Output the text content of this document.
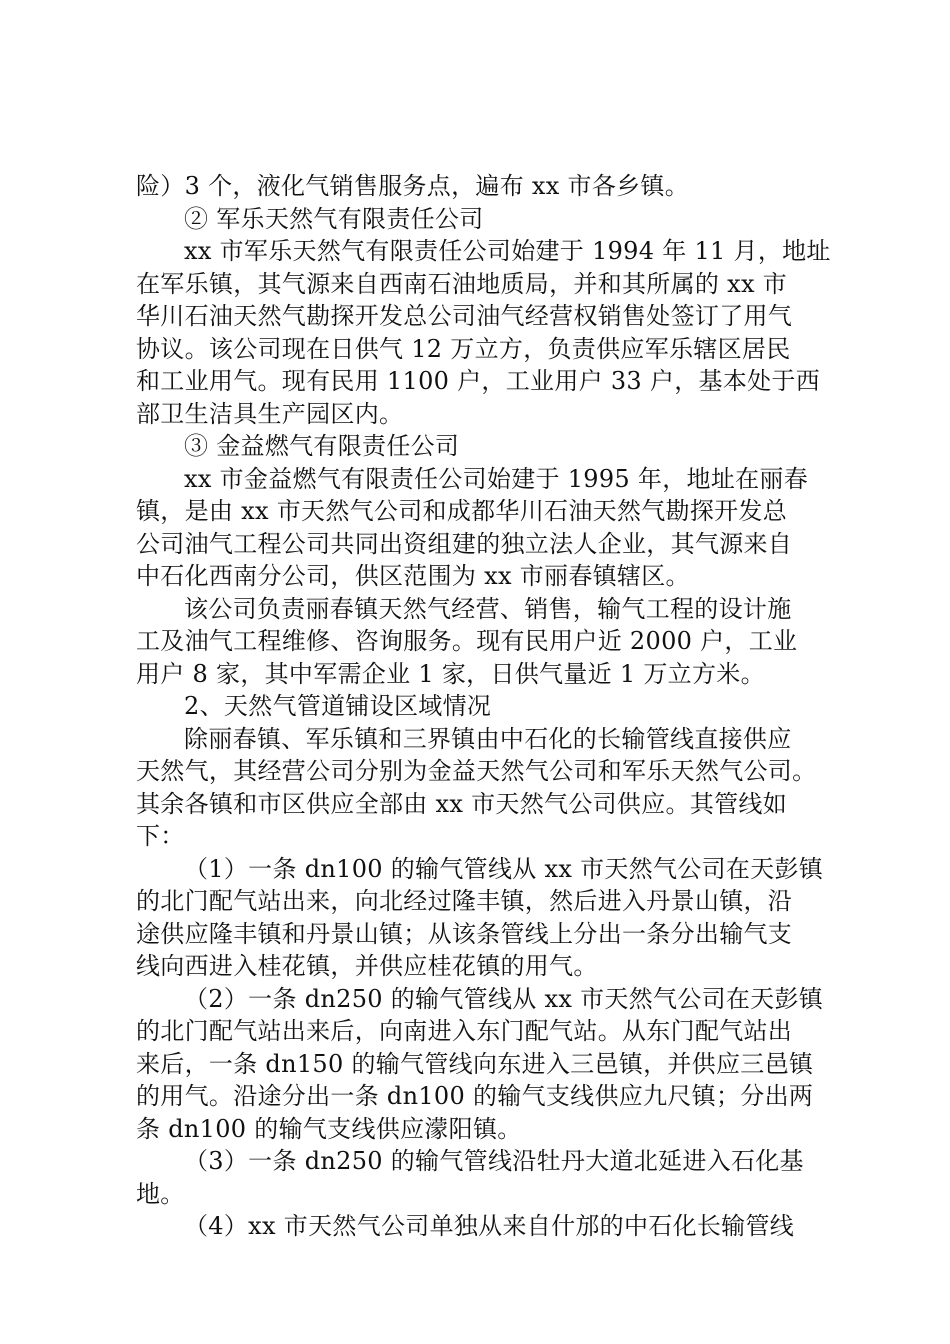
险）3 个，液化气销售服务点，遍布 xx 市各乡镇。
② 军乐天然气有限责任公司
xx 市军乐天然气有限责任公司始建于 1994 年 11 月，地址
在军乐镇，其气源来自西南石油地质局，并和其所属的 xx 市
华川石油天然气勘探开发总公司油气经营权销售处签订了用气
协议。该公司现在日供气 12 万立方，负责供应军乐辖区居民
和工业用气。现有民用 1100 户，工业用户 33 户，基本处于西
部卫生洁具生产园区内。
③ 金益燃气有限责任公司
xx 市金益燃气有限责任公司始建于 1995 年，地址在丽春
镇，是由 xx 市天然气公司和成都华川石油天然气勘探开发总
公司油气工程公司共同出资组建的独立法人企业，其气源来自
中石化西南分公司，供区范围为 xx 市丽春镇辖区。
该公司负责丽春镇天然气经营、销售，输气工程的设计施
工及油气工程维修、咨询服务。现有民用户近 2000 户，工业
用户 8 家，其中军需企业 1 家，日供气量近 1 万立方米。
2、天然气管道铺设区域情况
除丽春镇、军乐镇和三界镇由中石化的长输管线直接供应
天然气，其经营公司分别为金益天然气公司和军乐天然气公司。
其余各镇和市区供应全部由 xx 市天然气公司供应。其管线如
下：
（1）一条 dn100 的输气管线从 xx 市天然气公司在天彭镇
的北门配气站出来，向北经过隆丰镇，然后进入丹景山镇，沿
途供应隆丰镇和丹景山镇；从该条管线上分出一条分出输气支
线向西进入桂花镇，并供应桂花镇的用气。
（2）一条 dn250 的输气管线从 xx 市天然气公司在天彭镇
的北门配气站出来后，向南进入东门配气站。从东门配气站出
来后，一条 dn150 的输气管线向东进入三邑镇，并供应三邑镇
的用气。沿途分出一条 dn100 的输气支线供应九尺镇；分出两
条 dn100 的输气支线供应濛阳镇。
（3）一条 dn250 的输气管线沿牡丹大道北延进入石化基
地。
（4）xx 市天然气公司单独从来自什邡的中石化长输管线
